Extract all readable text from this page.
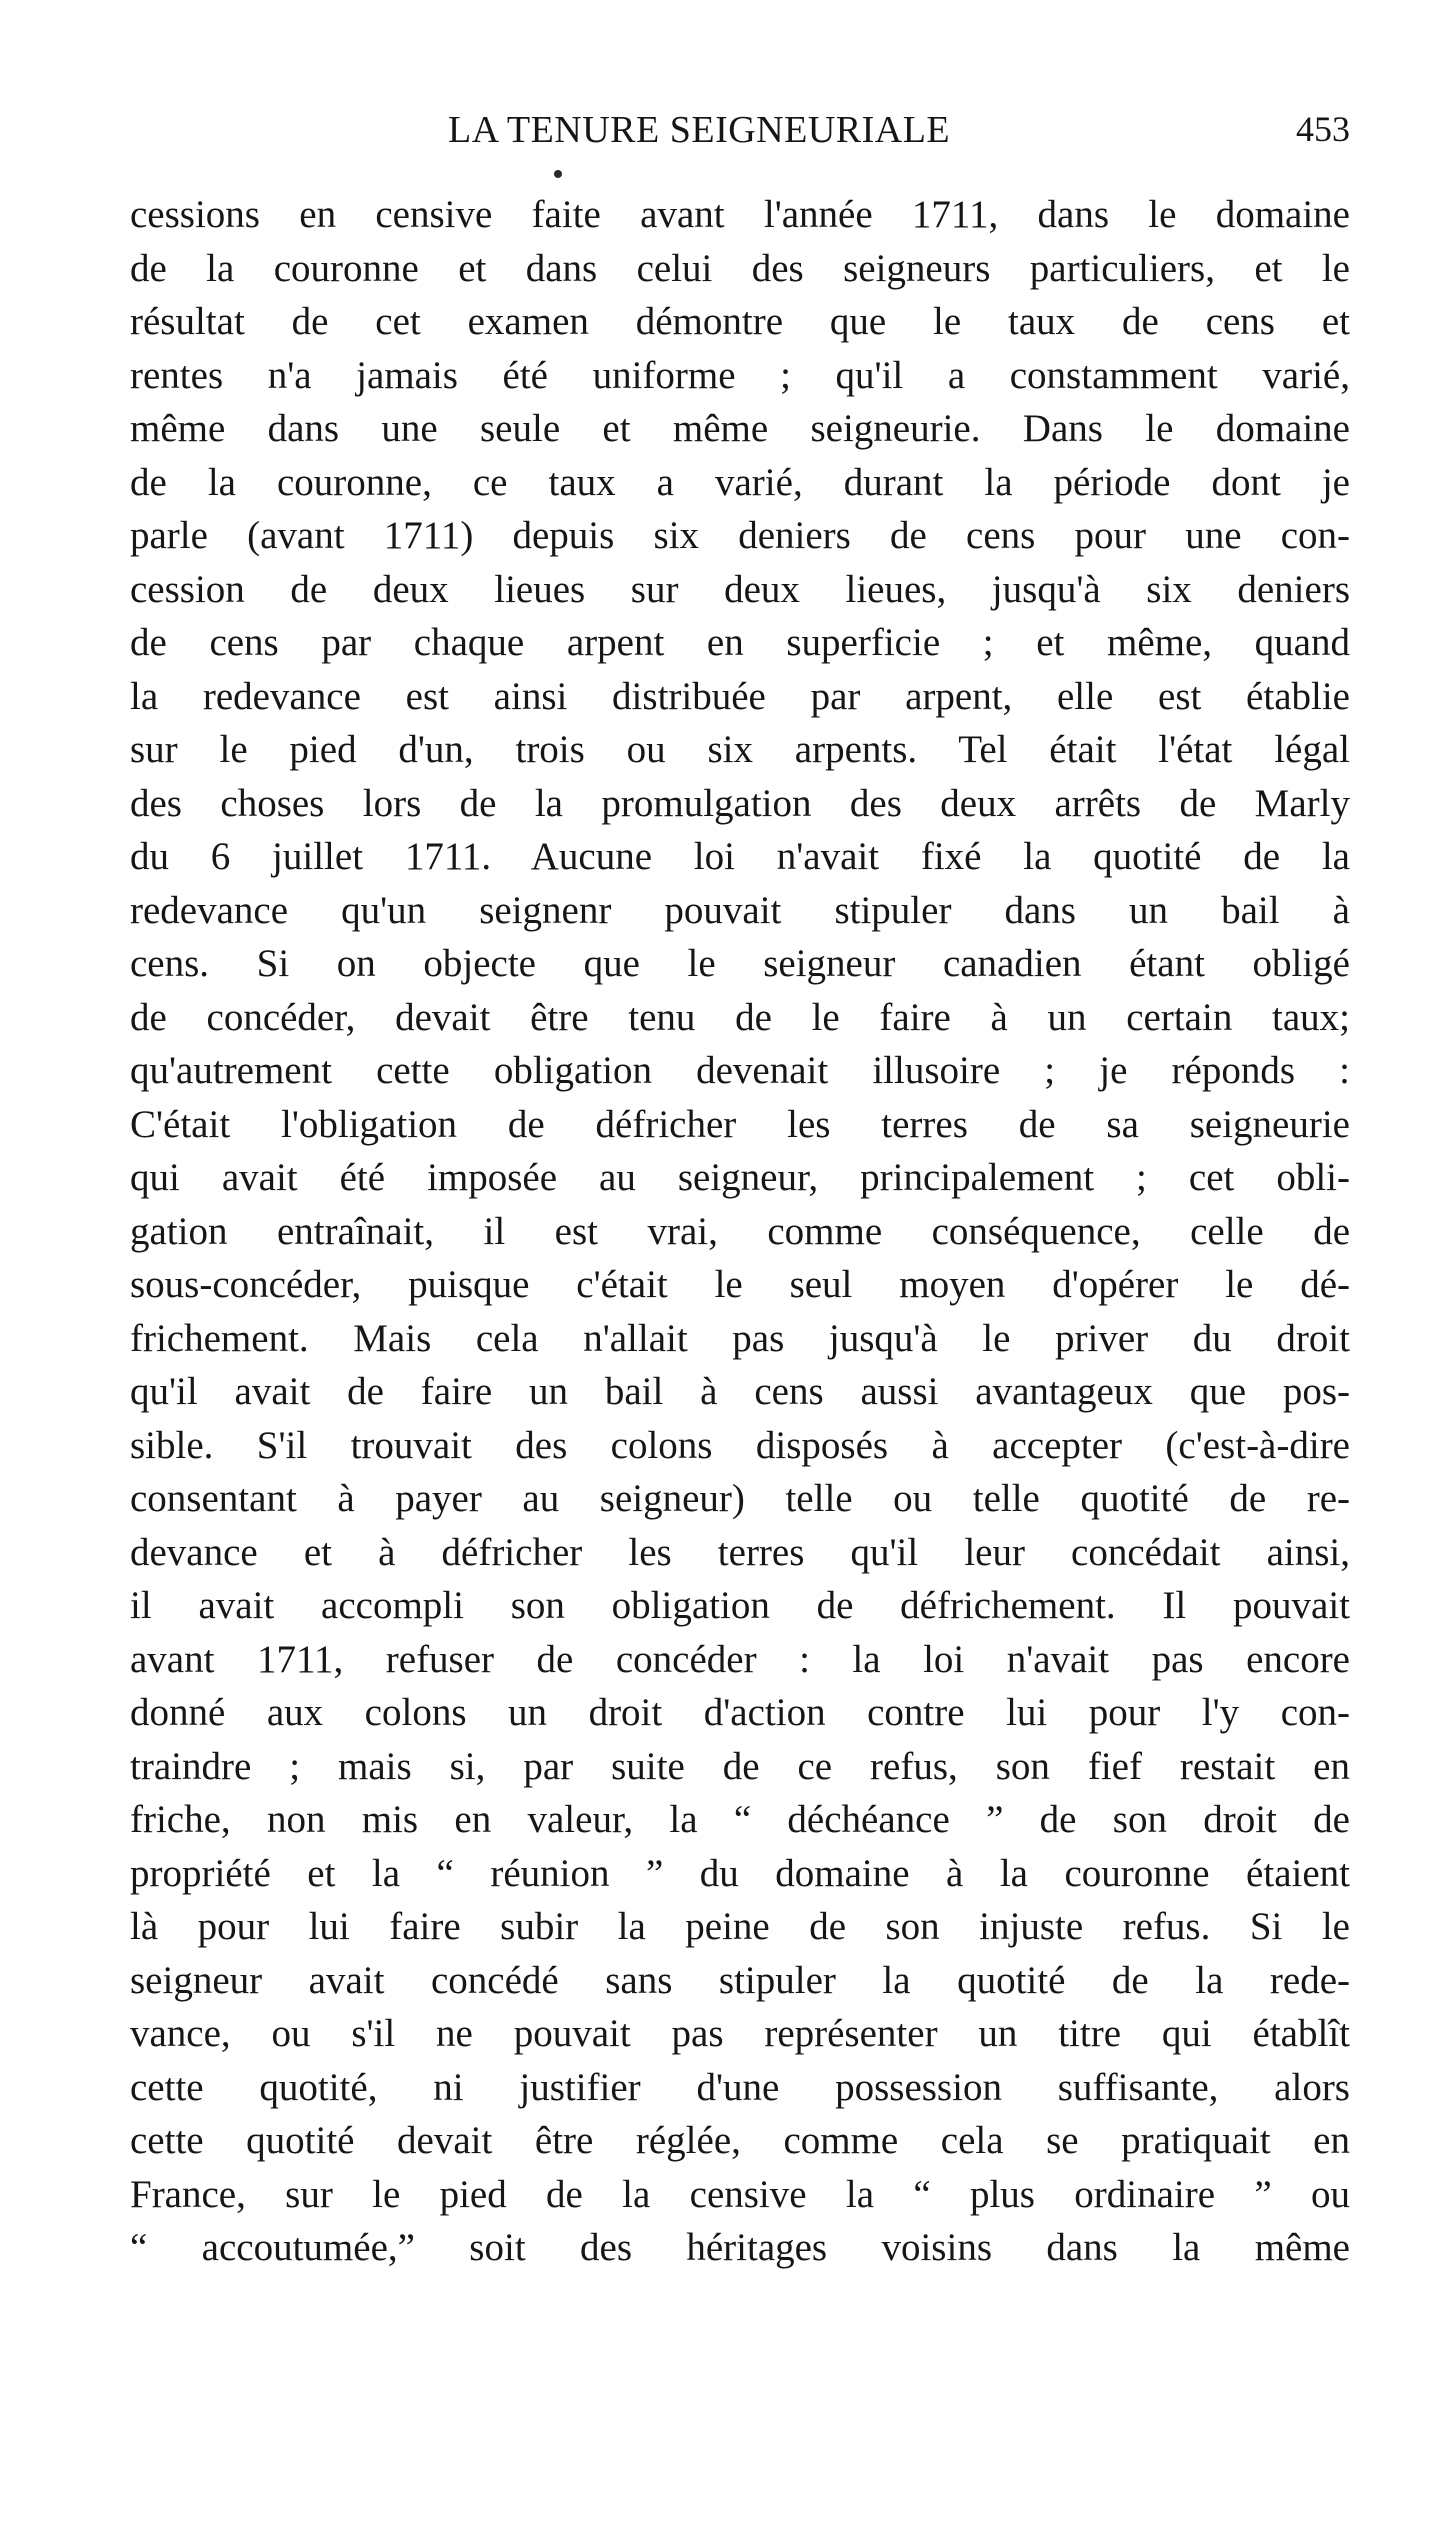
LA TENURE SEIGNEURIALE	453
cessions en censive faite avant l'année 1711, dans le domaine
de la couronne et dans celui des seigneurs particuliers, et le
résultat de cet examen démontre que le taux de cens et
rentes n'a jamais été uniforme ; qu'il a constamment varié,
même dans une seule et même seigneurie. Dans le domaine
de la couronne, ce taux a varié, durant la période dont je
parle (avant 1711) depuis six deniers de cens pour une con-
cession de deux lieues sur deux lieues, jusqu'à six deniers
de cens par chaque arpent en superficie ; et même, quand
la redevance est ainsi distribuée par arpent, elle est établie
sur le pied d'un, trois ou six arpents. Tel était l'état légal
des choses lors de la promulgation des deux arrêts de Marly
du 6 juillet 1711. Aucune loi n'avait fixé la quotité de la
redevance qu'un seignenr pouvait stipuler dans un bail à
cens. Si on objecte que le seigneur canadien étant obligé
de concéder, devait être tenu de le faire à un certain taux;
qu'autrement cette obligation devenait illusoire ; je réponds :
C'était l'obligation de défricher les terres de sa seigneurie
qui avait été imposée au seigneur, principalement ; cet obli-
gation entraînait, il est vrai, comme conséquence, celle de
sous-concéder, puisque c'était le seul moyen d'opérer le dé-
frichement. Mais cela n'allait pas jusqu'à le priver du droit
qu'il avait de faire un bail à cens aussi avantageux que pos-
sible. S'il trouvait des colons disposés à accepter (c'est-à-dire
consentant à payer au seigneur) telle ou telle quotité de re-
devance et à défricher les terres qu'il leur concédait ainsi,
il avait accompli son obligation de défrichement. Il pouvait
avant 1711, refuser de concéder : la loi n'avait pas encore
donné aux colons un droit d'action contre lui pour l'y con-
traindre ; mais si, par suite de ce refus, son fief restait en
friche, non mis en valeur, la “ déchéance ” de son droit de
propriété et la “ réunion ” du domaine à la couronne étaient
là pour lui faire subir la peine de son injuste refus. Si le
seigneur avait concédé sans stipuler la quotité de la rede-
vance, ou s'il ne pouvait pas représenter un titre qui établît
cette quotité, ni justifier d'une possession suffisante, alors
cette quotité devait être réglée, comme cela se pratiquait en
France, sur le pied de la censive la “ plus ordinaire ” ou
“ accoutumée,” soit des héritages voisins dans la même
